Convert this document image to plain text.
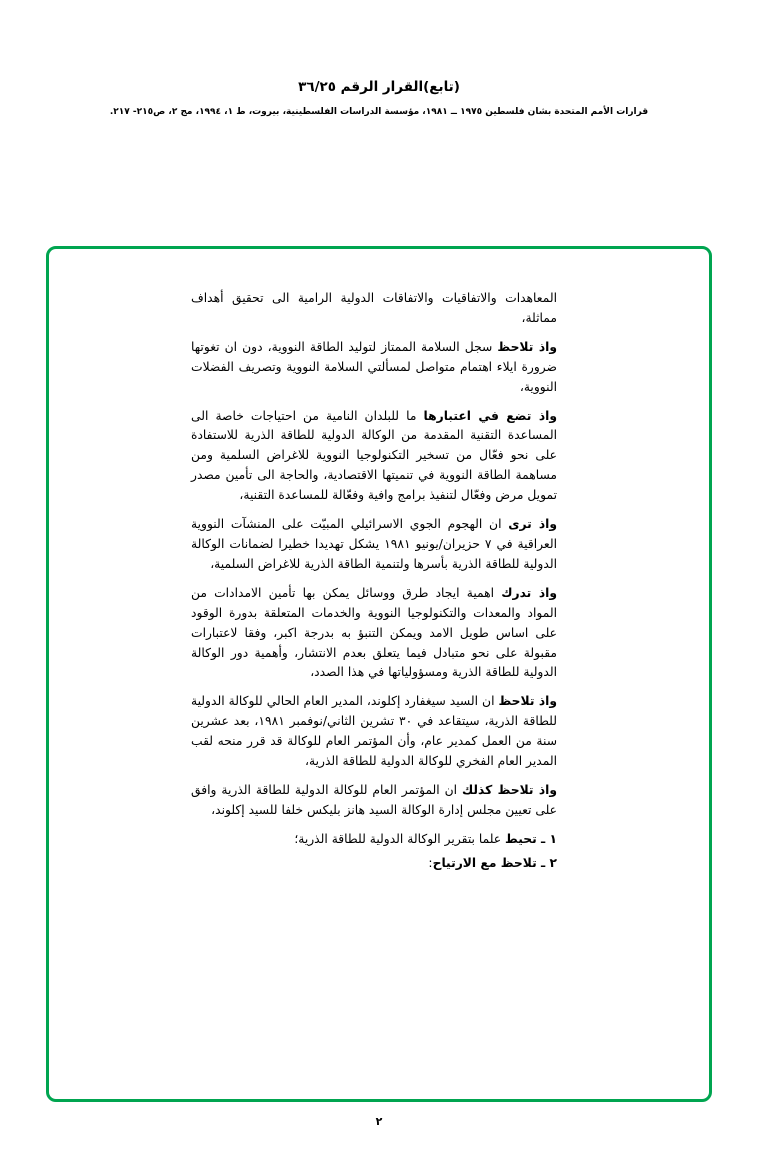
(تابع)القرار الرقم ٣٦/٢٥
قرارات الأمم المتحدة بشان فلسطين ١٩٧٥ ــ ١٩٨١، مؤسسة الدراسات الفلسطينية، بيروت، ط ١، ١٩٩٤، مج ٢، ص٢١٥- ٢١٧.

المعاهدات والاتفاقيات والاتفاقات الدولية الرامية الى تحقيق أهداف مماثلة،

واذ تلاحظ سجل السلامة الممتاز لتوليد الطاقة النووية، دون ان تغوتها ضرورة ايلاء اهتمام متواصل لمسألتي السلامة النووية وتصريف الفضلات النووية،

واذ تضع في اعتبارها ما للبلدان النامية من احتياجات خاصة الى المساعدة التقنية المقدمة من الوكالة الدولية للطاقة الذرية للاستفادة على نحو فعّال من تسخير التكنولوجيا النووية للاغراض السلمية ومن مساهمة الطاقة النووية في تنميتها الاقتصادية، والحاجة الى تأمين مصدر تمويل مرض وفعّال لتنفيذ برامج وافية وفعّالة للمساعدة التقنية،

واذ ترى ان الهجوم الجوي الاسرائيلي المبيّت على المنشآت النووية العراقية في ٧ حزيران/يونيو ١٩٨١ يشكل تهديدا خطيرا لضمانات الوكالة الدولية للطاقة الذرية بأسرها ولتنمية الطاقة الذرية للاغراض السلمية،

واذ تدرك اهمية ايجاد طرق ووسائل يمكن بها تأمين الامدادات من المواد والمعدات والتكنولوجيا النووية والخدمات المتعلقة بدورة الوقود على اساس طويل الامد ويمكن التنبؤ به بدرجة اكبر، وفقا لاعتبارات مقبولة على نحو متبادل فيما يتعلق بعدم الانتشار، وأهمية دور الوكالة الدولية للطاقة الذرية ومسؤولياتها في هذا الصدد،

واذ تلاحظ ان السيد سيغفارد إكلوند، المدير العام الحالي للوكالة الدولية للطاقة الذرية، سيتقاعد في ٣٠ تشرين الثاني/نوفمبر ١٩٨١، بعد عشرين سنة من العمل كمدير عام، وأن المؤتمر العام للوكالة قد قرر منحه لقب المدير العام الفخري للوكالة الدولية للطاقة الذرية،

واذ تلاحظ كذلك ان المؤتمر العام للوكالة الدولية للطاقة الذرية وافق على تعيين مجلس إدارة الوكالة السيد هانز بليكس خلفا للسيد إكلوند،

١ ـ تحيط علما بتقرير الوكالة الدولية للطاقة الذرية؛

٢ ـ تلاحظ مع الارتياح:

٢
